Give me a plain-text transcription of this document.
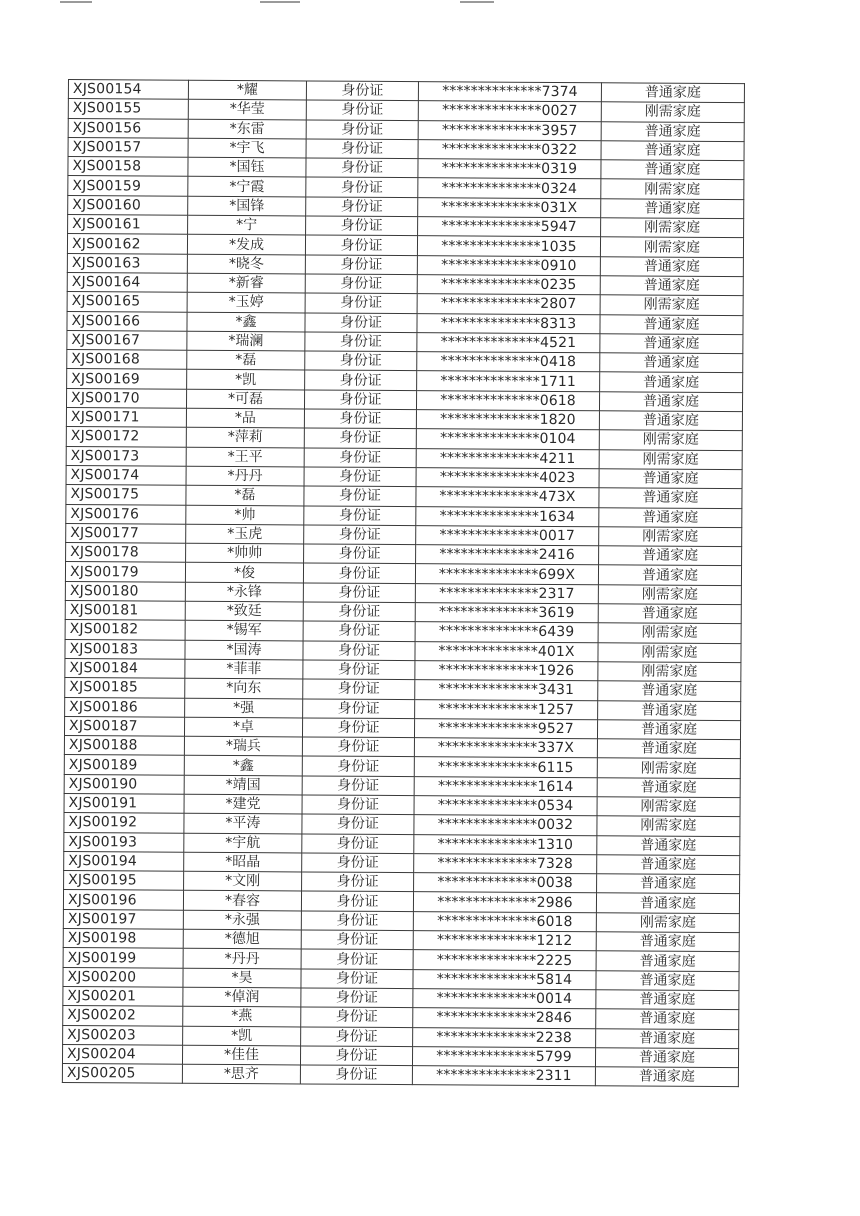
XJS00154	*耀	身份证	**************7374	普通家庭
XJS00155	*华莹	身份证	**************0027	刚需家庭
XJS00156	*东雷	身份证	**************3957	普通家庭
XJS00157	*宇飞	身份证	**************0322	普通家庭
XJS00158	*国钰	身份证	**************0319	普通家庭
XJS00159	*宁霞	身份证	**************0324	刚需家庭
XJS00160	*国锋	身份证	**************031X	普通家庭
XJS00161	*宁	身份证	**************5947	刚需家庭
XJS00162	*发成	身份证	**************1035	刚需家庭
XJS00163	*晓冬	身份证	**************0910	普通家庭
XJS00164	*新睿	身份证	**************0235	普通家庭
XJS00165	*玉婷	身份证	**************2807	刚需家庭
XJS00166	*鑫	身份证	**************8313	普通家庭
XJS00167	*瑞澜	身份证	**************4521	普通家庭
XJS00168	*磊	身份证	**************0418	普通家庭
XJS00169	*凯	身份证	**************1711	普通家庭
XJS00170	*可磊	身份证	**************0618	普通家庭
XJS00171	*品	身份证	**************1820	普通家庭
XJS00172	*萍莉	身份证	**************0104	刚需家庭
XJS00173	*王平	身份证	**************4211	刚需家庭
XJS00174	*丹丹	身份证	**************4023	普通家庭
XJS00175	*磊	身份证	**************473X	普通家庭
XJS00176	*帅	身份证	**************1634	普通家庭
XJS00177	*玉虎	身份证	**************0017	刚需家庭
XJS00178	*帅帅	身份证	**************2416	普通家庭
XJS00179	*俊	身份证	**************699X	普通家庭
XJS00180	*永锋	身份证	**************2317	刚需家庭
XJS00181	*致廷	身份证	**************3619	普通家庭
XJS00182	*锡军	身份证	**************6439	刚需家庭
XJS00183	*国涛	身份证	**************401X	刚需家庭
XJS00184	*菲菲	身份证	**************1926	刚需家庭
XJS00185	*向东	身份证	**************3431	普通家庭
XJS00186	*强	身份证	**************1257	普通家庭
XJS00187	*卓	身份证	**************9527	普通家庭
XJS00188	*瑞兵	身份证	**************337X	普通家庭
XJS00189	*鑫	身份证	**************6115	刚需家庭
XJS00190	*靖国	身份证	**************1614	普通家庭
XJS00191	*建党	身份证	**************0534	刚需家庭
XJS00192	*平涛	身份证	**************0032	刚需家庭
XJS00193	*宇航	身份证	**************1310	普通家庭
XJS00194	*昭晶	身份证	**************7328	普通家庭
XJS00195	*文刚	身份证	**************0038	普通家庭
XJS00196	*春容	身份证	**************2986	普通家庭
XJS00197	*永强	身份证	**************6018	刚需家庭
XJS00198	*德旭	身份证	**************1212	普通家庭
XJS00199	*丹丹	身份证	**************2225	普通家庭
XJS00200	*昊	身份证	**************5814	普通家庭
XJS00201	*倬润	身份证	**************0014	普通家庭
XJS00202	*燕	身份证	**************2846	普通家庭
XJS00203	*凯	身份证	**************2238	普通家庭
XJS00204	*佳佳	身份证	**************5799	普通家庭
XJS00205	*思齐	身份证	**************2311	普通家庭
